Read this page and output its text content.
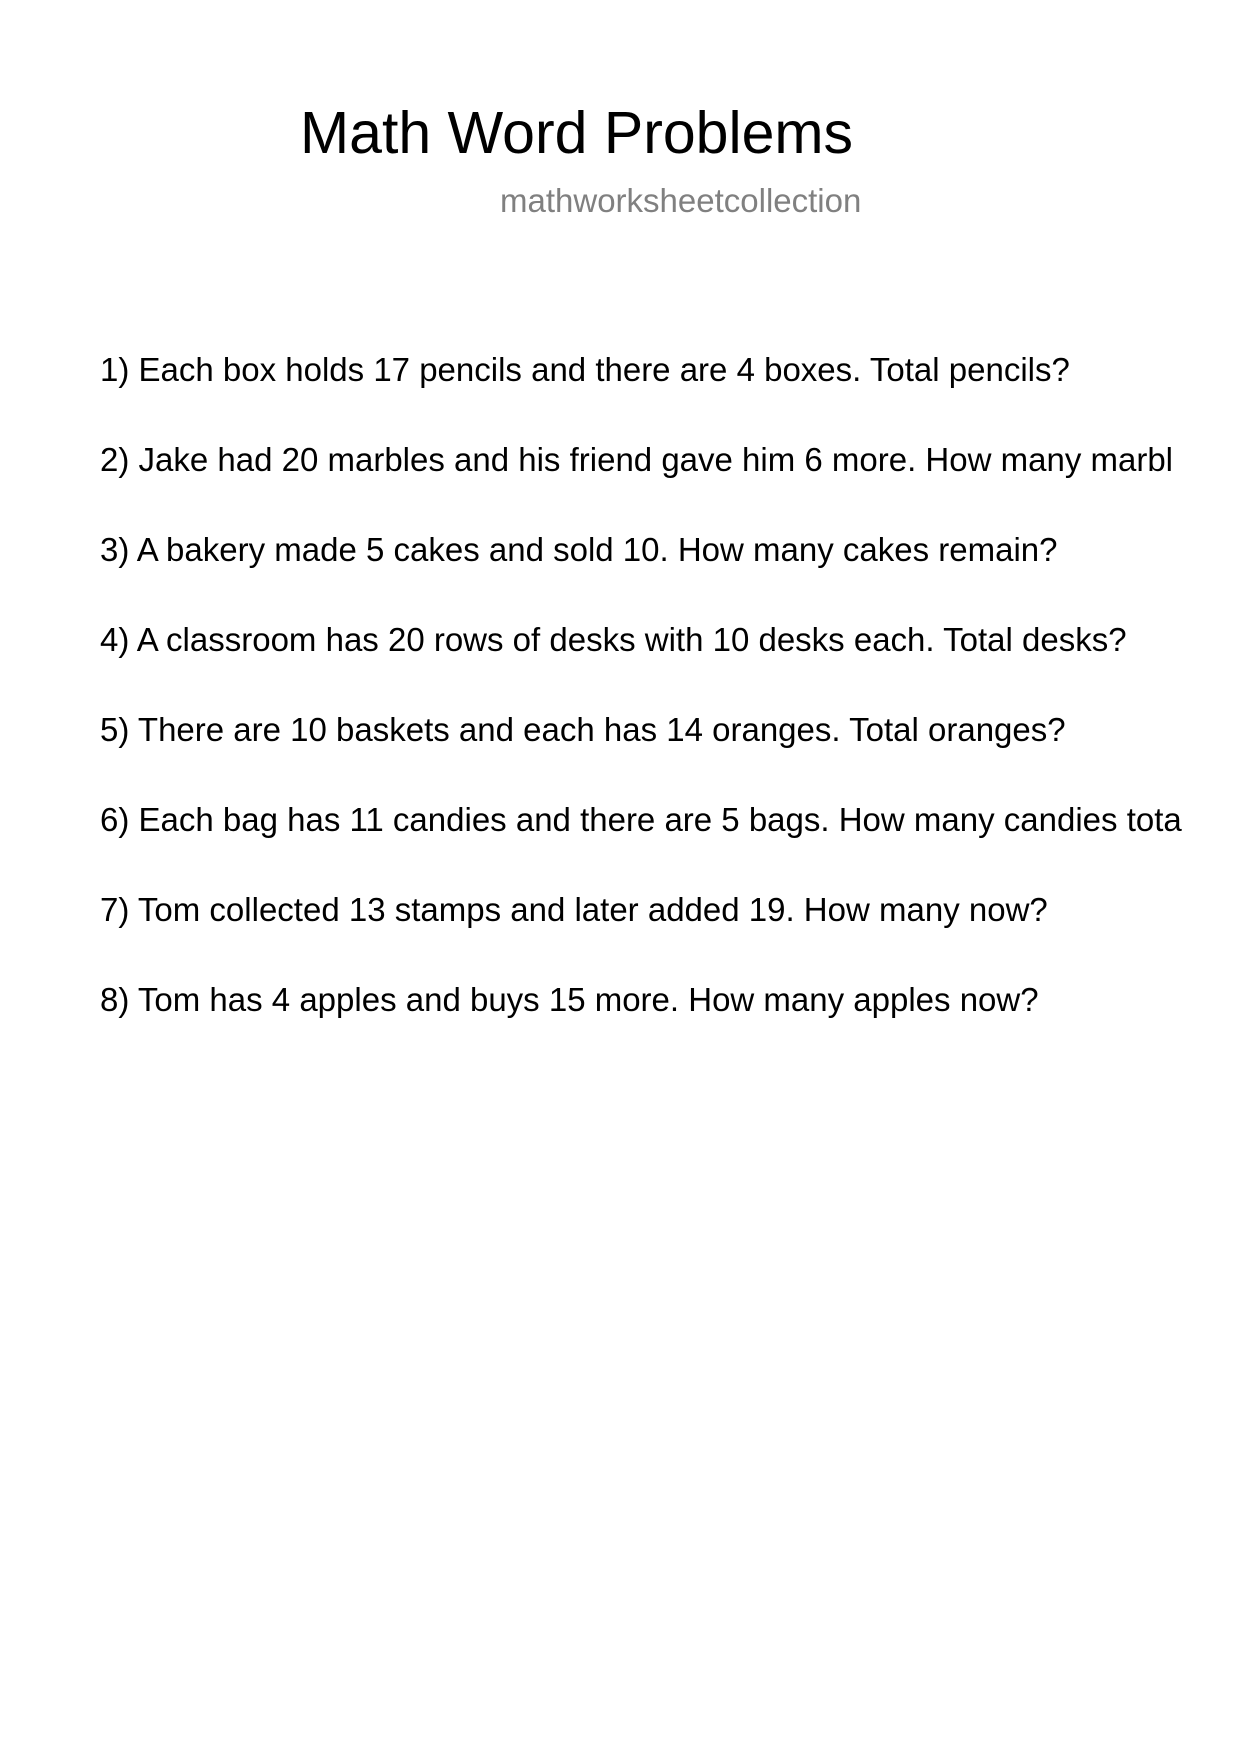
Math Word Problems
mathworksheetcollection
1) Each box holds 17 pencils and there are 4 boxes. Total pencils?
2) Jake had 20 marbles and his friend gave him 6 more. How many marbl
3) A bakery made 5 cakes and sold 10. How many cakes remain?
4) A classroom has 20 rows of desks with 10 desks each. Total desks?
5) There are 10 baskets and each has 14 oranges. Total oranges?
6) Each bag has 11 candies and there are 5 bags. How many candies tota
7) Tom collected 13 stamps and later added 19. How many now?
8) Tom has 4 apples and buys 15 more. How many apples now?
